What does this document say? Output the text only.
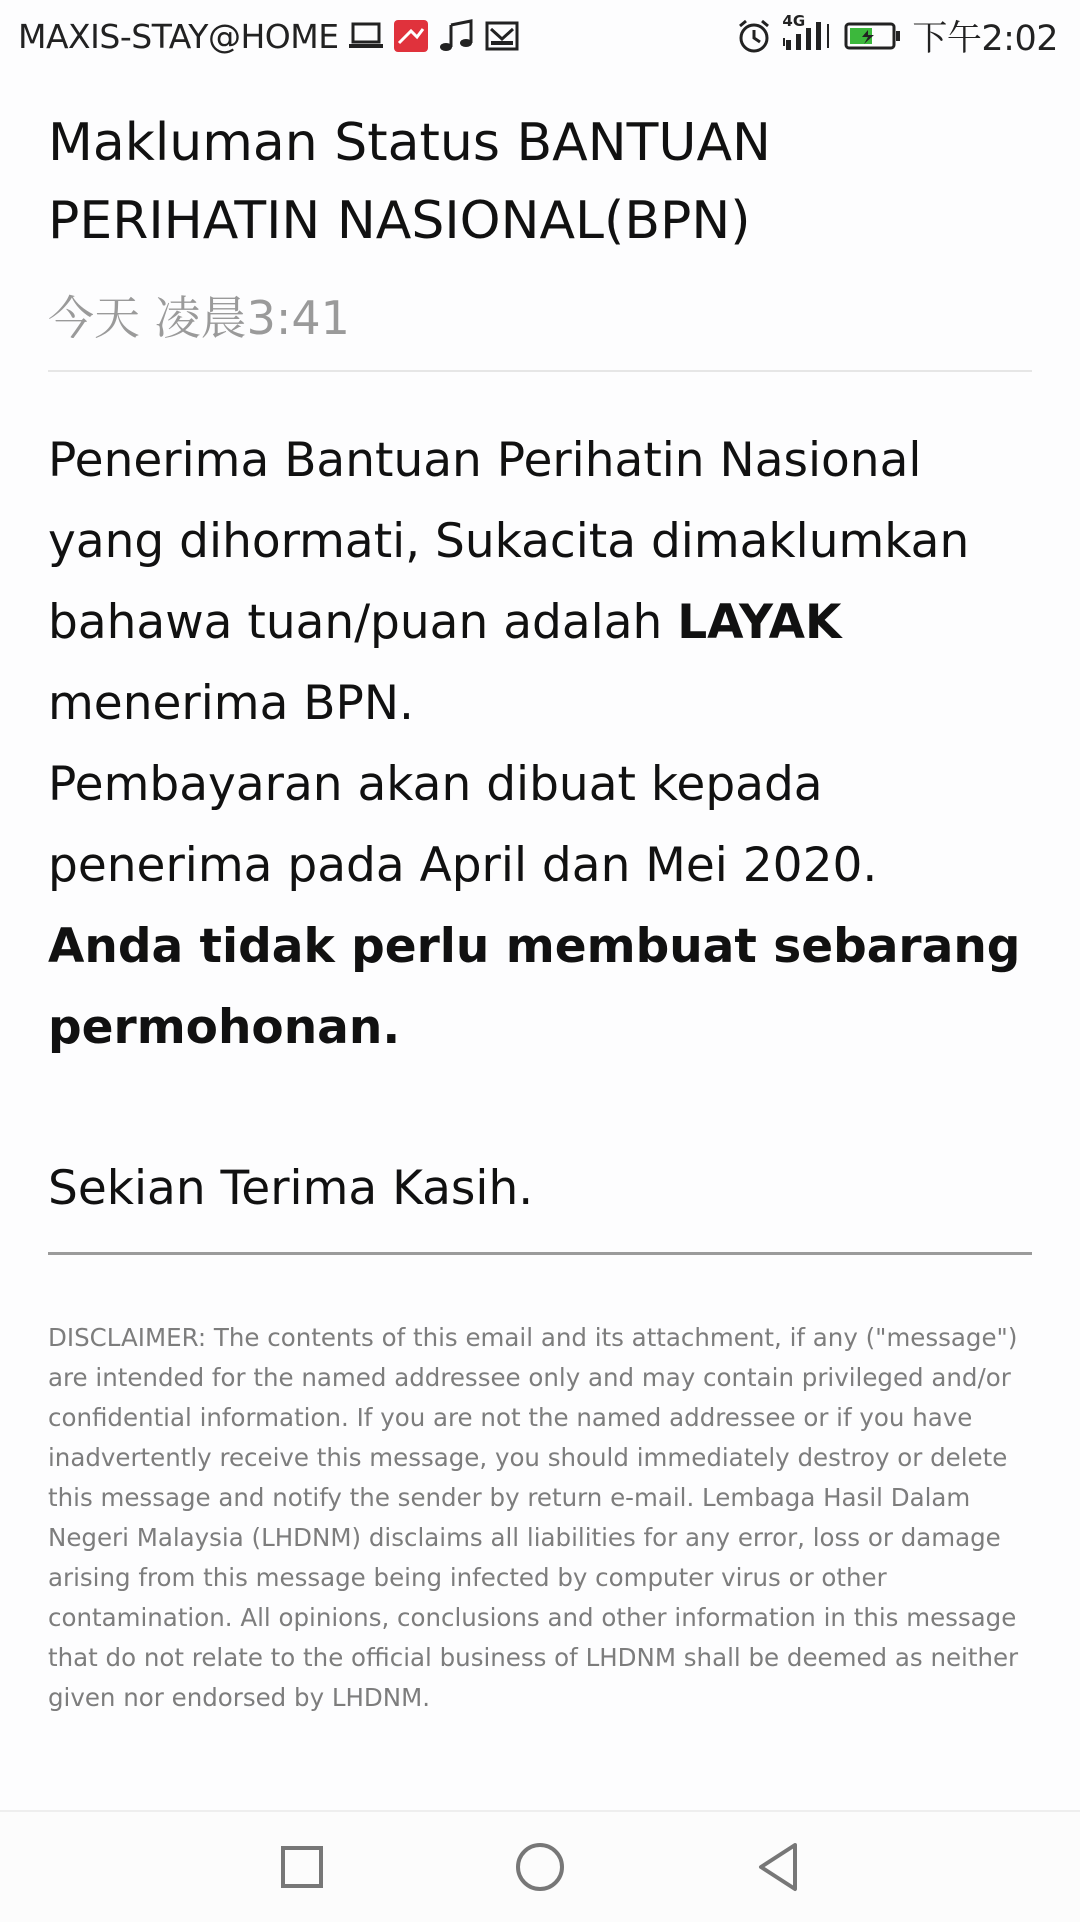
MAXIS-STAY@HOME	4G	下午2:02
Makluman Status BANTUAN PERIHATIN NASIONAL(BPN)
今天 凌晨3:41

Penerima Bantuan Perihatin Nasional yang dihormati, Sukacita dimaklumkan bahawa tuan/puan adalah LAYAK menerima BPN.

Pembayaran akan dibuat kepada penerima pada April dan Mei 2020.

Anda tidak perlu membuat sebarang permohonan.

Sekian Terima Kasih.
DISCLAIMER: The contents of this email and its attachment, if any ("message") are intended for the named addressee only and may contain privileged and/or confidential information. If you are not the named addressee or if you have inadvertently receive this message, you should immediately destroy or delete this message and notify the sender by return e-mail. Lembaga Hasil Dalam Negeri Malaysia (LHDNM) disclaims all liabilities for any error, loss or damage arising from this message being infected by computer virus or other contamination. All opinions, conclusions and other information in this message that do not relate to the official business of LHDNM shall be deemed as neither given nor endorsed by LHDNM.
